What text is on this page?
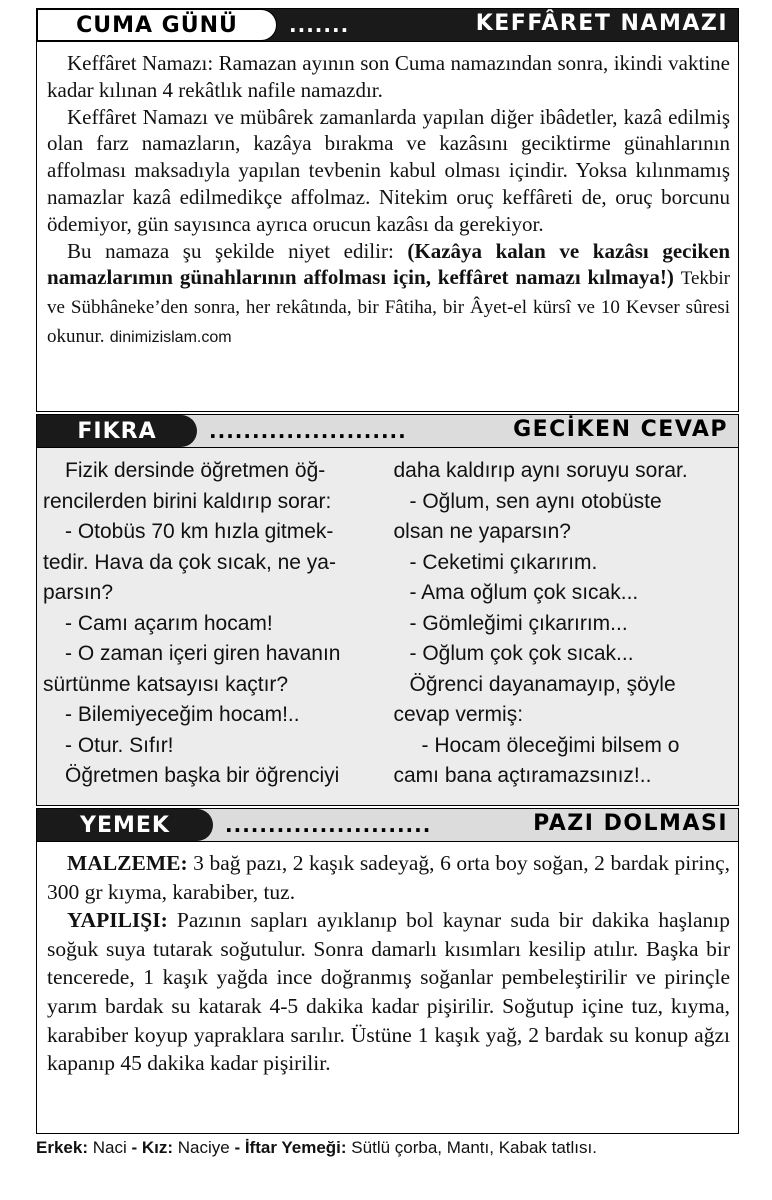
CUMA GÜNÜ	.......	KEFFÂRET NAMAZI

Keffâret Namazı: Ramazan ayının son Cuma namazından sonra, ikindi vaktine kadar kılınan 4 rekâtlık nafile namazdır.

Keffâret Namazı ve mübârek zamanlarda yapılan diğer ibâdetler, kazâ edilmiş olan farz namazların, kazâya bırakma ve kazâsını geciktirme günahlarının affolması maksadıyla yapılan tevbenin kabul olması içindir. Yoksa kılınmamış namazlar kazâ edilmedikçe affolmaz. Nitekim oruç keffâreti de, oruç borcunu ödemiyor, gün sayısınca ayrıca orucun kazâsı da gerekiyor.

Bu namaza şu şekilde niyet edilir: (Kazâya kalan ve kazâsı geciken namazlarımın günahlarının affolması için, keffâret namazı kılmaya!) Tekbir ve Sübhâneke’den sonra, her rekâtında, bir Fâtiha, bir Âyet-el kürsî ve 10 Kevser sûresi okunur. dinimizislam.com

FIKRA	.......................	GECİKEN CEVAP
Fizik dersinde öğretmen öğ-
rencilerden birini kaldırıp sorar:
- Otobüs 70 km hızla gitmek-
tedir. Hava da çok sıcak, ne ya-
parsın?
- Camı açarım hocam!
- O zaman içeri giren havanın
sürtünme katsayısı kaçtır?
- Bilemiyeceğim hocam!..
- Otur. Sıfır!
Öğretmen başka bir öğrenciyi
daha kaldırıp aynı soruyu sorar.
- Oğlum, sen aynı otobüste
olsan ne yaparsın?
- Ceketimi çıkarırım.
- Ama oğlum çok sıcak...
- Gömleğimi çıkarırım...
- Oğlum çok çok sıcak...
Öğrenci dayanamayıp, şöyle
cevap vermiş:
- Hocam öleceğimi bilsem o
camı bana açtıramazsınız!..
YEMEK	........................	PAZI DOLMASI

MALZEME: 3 bağ pazı, 2 kaşık sadeyağ, 6 orta boy soğan, 2 bardak pirinç, 300 gr kıyma, karabiber, tuz.

YAPILIŞI: Pazının sapları ayıklanıp bol kaynar suda bir dakika haşlanıp soğuk suya tutarak soğutulur. Sonra damarlı kısımları kesilip atılır. Başka bir tencerede, 1 kaşık yağda ince doğranmış soğanlar pembeleştirilir ve pirinçle yarım bardak su katarak 4-5 dakika kadar pişirilir. Soğutup içine tuz, kıyma, karabiber koyup yapraklara sarılır. Üstüne 1 kaşık yağ, 2 bardak su konup ağzı kapanıp 45 dakika kadar pişirilir.

Erkek: Naci - Kız: Naciye - İftar Yemeği: Sütlü çorba, Mantı, Kabak tatlısı.
